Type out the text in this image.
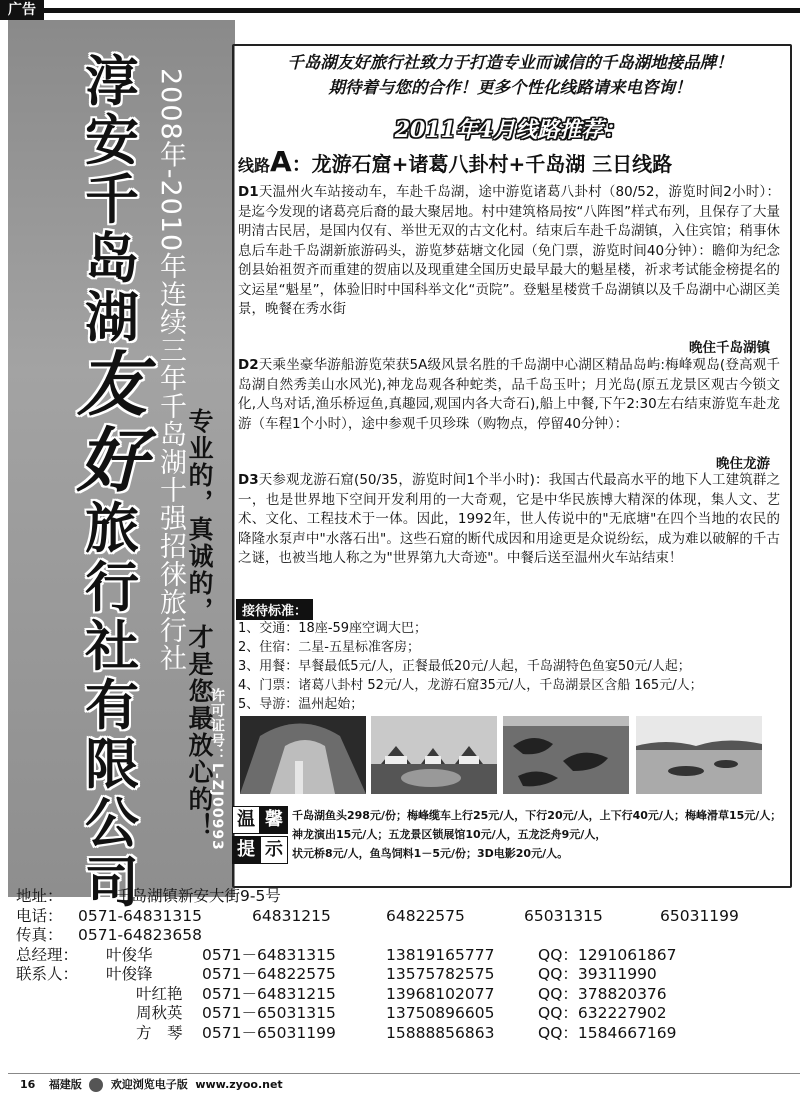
广告
淳
安
千
岛
湖
友
好
旅
行
社
有
限
公
司
2008年-2010年连续三年千岛湖十强招徕旅行社 专业的，真诚的，才是您最放心的！
许可证号：L-ZJ00993
千岛湖友好旅行社致力于打造专业而诚信的千岛湖地接品牌！
期待着与您的合作！更多个性化线路请来电咨询！
2011年4月线路推荐：
线路A：龙游石窟+诸葛八卦村+千岛湖 三日线路
D1天温州火车站接动车，车赴千岛湖，途中游览诸葛八卦村（80/52，游览时间2小时）：是迄今发现的诸葛亮后裔的最大聚居地。村中建筑格局按“八阵图”样式布列，且保存了大量明清古民居，是国内仅有、举世无双的古文化村。结束后车赴千岛湖镇，入住宾馆；稍事休息后车赴千岛湖新旅游码头，游览梦菇塘文化园（免门票，游览时间40分钟）：瞻仰为纪念创县始祖贺齐而重建的贺庙以及现重建全国历史最早最大的魁星楼，祈求考试能金榜提名的文运星“魁星”，体验旧时中国科举文化“贡院”。登魁星楼赏千岛湖镇以及千岛湖中心湖区美景，晚餐在秀水街
晚住千岛湖镇
D2天乘坐豪华游船游览荣获5A级风景名胜的千岛湖中心湖区精品岛屿:梅峰观岛(登高观千岛湖自然秀美山水风光),神龙岛观各种蛇类，品千岛玉叶；月光岛(原五龙景区观古今锁文化,人鸟对话,渔乐桥逗鱼,真趣园,观国内各大奇石),船上中餐,下午2:30左右结束游览车赴龙游（车程1个小时），途中参观千贝珍珠（购物点，停留40分钟）：
晚住龙游
D3天参观龙游石窟(50/35，游览时间1个半小时)：我国古代最高水平的地下人工建筑群之一，也是世界地下空间开发利用的一大奇观，它是中华民族博大精深的体现，集人文、艺术、文化、工程技术于一体。因此，1992年，世人传说中的"无底塘"在四个当地的农民的降隆水泵声中"水落石出"。这些石窟的断代成因和用途更是众说纷纭，成为难以破解的千古之谜，也被当地人称之为"世界第九大奇迹"。中餐后送至温州火车站结束！
接待标准：
1、交通：18座-59座空调大巴；
2、住宿：二星-五星标准客房；
3、用餐：早餐最低5元/人，正餐最低20元/人起，千岛湖特色鱼宴50元/人起；
4、门票：诸葛八卦村 52元/人，龙游石窟35元/人，千岛湖景区含船 165元/人；
5、导游：温州起始；
温 馨
提 示
千岛湖鱼头298元/份；梅峰缆车上行25元/人，下行20元/人，上下行40元/人；梅峰滑草15元/人；
神龙演出15元/人；五龙景区锁展馆10元/人，五龙泛舟9元/人，
状元桥8元/人，鱼鸟饲料1－5元/份；3D电影20元/人。
地址：	千岛湖镇新安大街9-5号
电话： 0571-64831315	64831215	64822575	65031315	65031199
传真： 0571-64823658
总经理： 叶俊华	0571－64831315	13819165777	QQ：1291061867
联系人： 叶俊锋	0571－64822575	13575782575	QQ：39311990
叶红艳 0571－64831215	13968102077	QQ：378820376
周秋英 0571－65031315	13750896605	QQ：632227902
方　琴 0571－65031199	15888856863	QQ：1584667169
16 福建版	欢迎浏览电子版 www.zyoo.net
